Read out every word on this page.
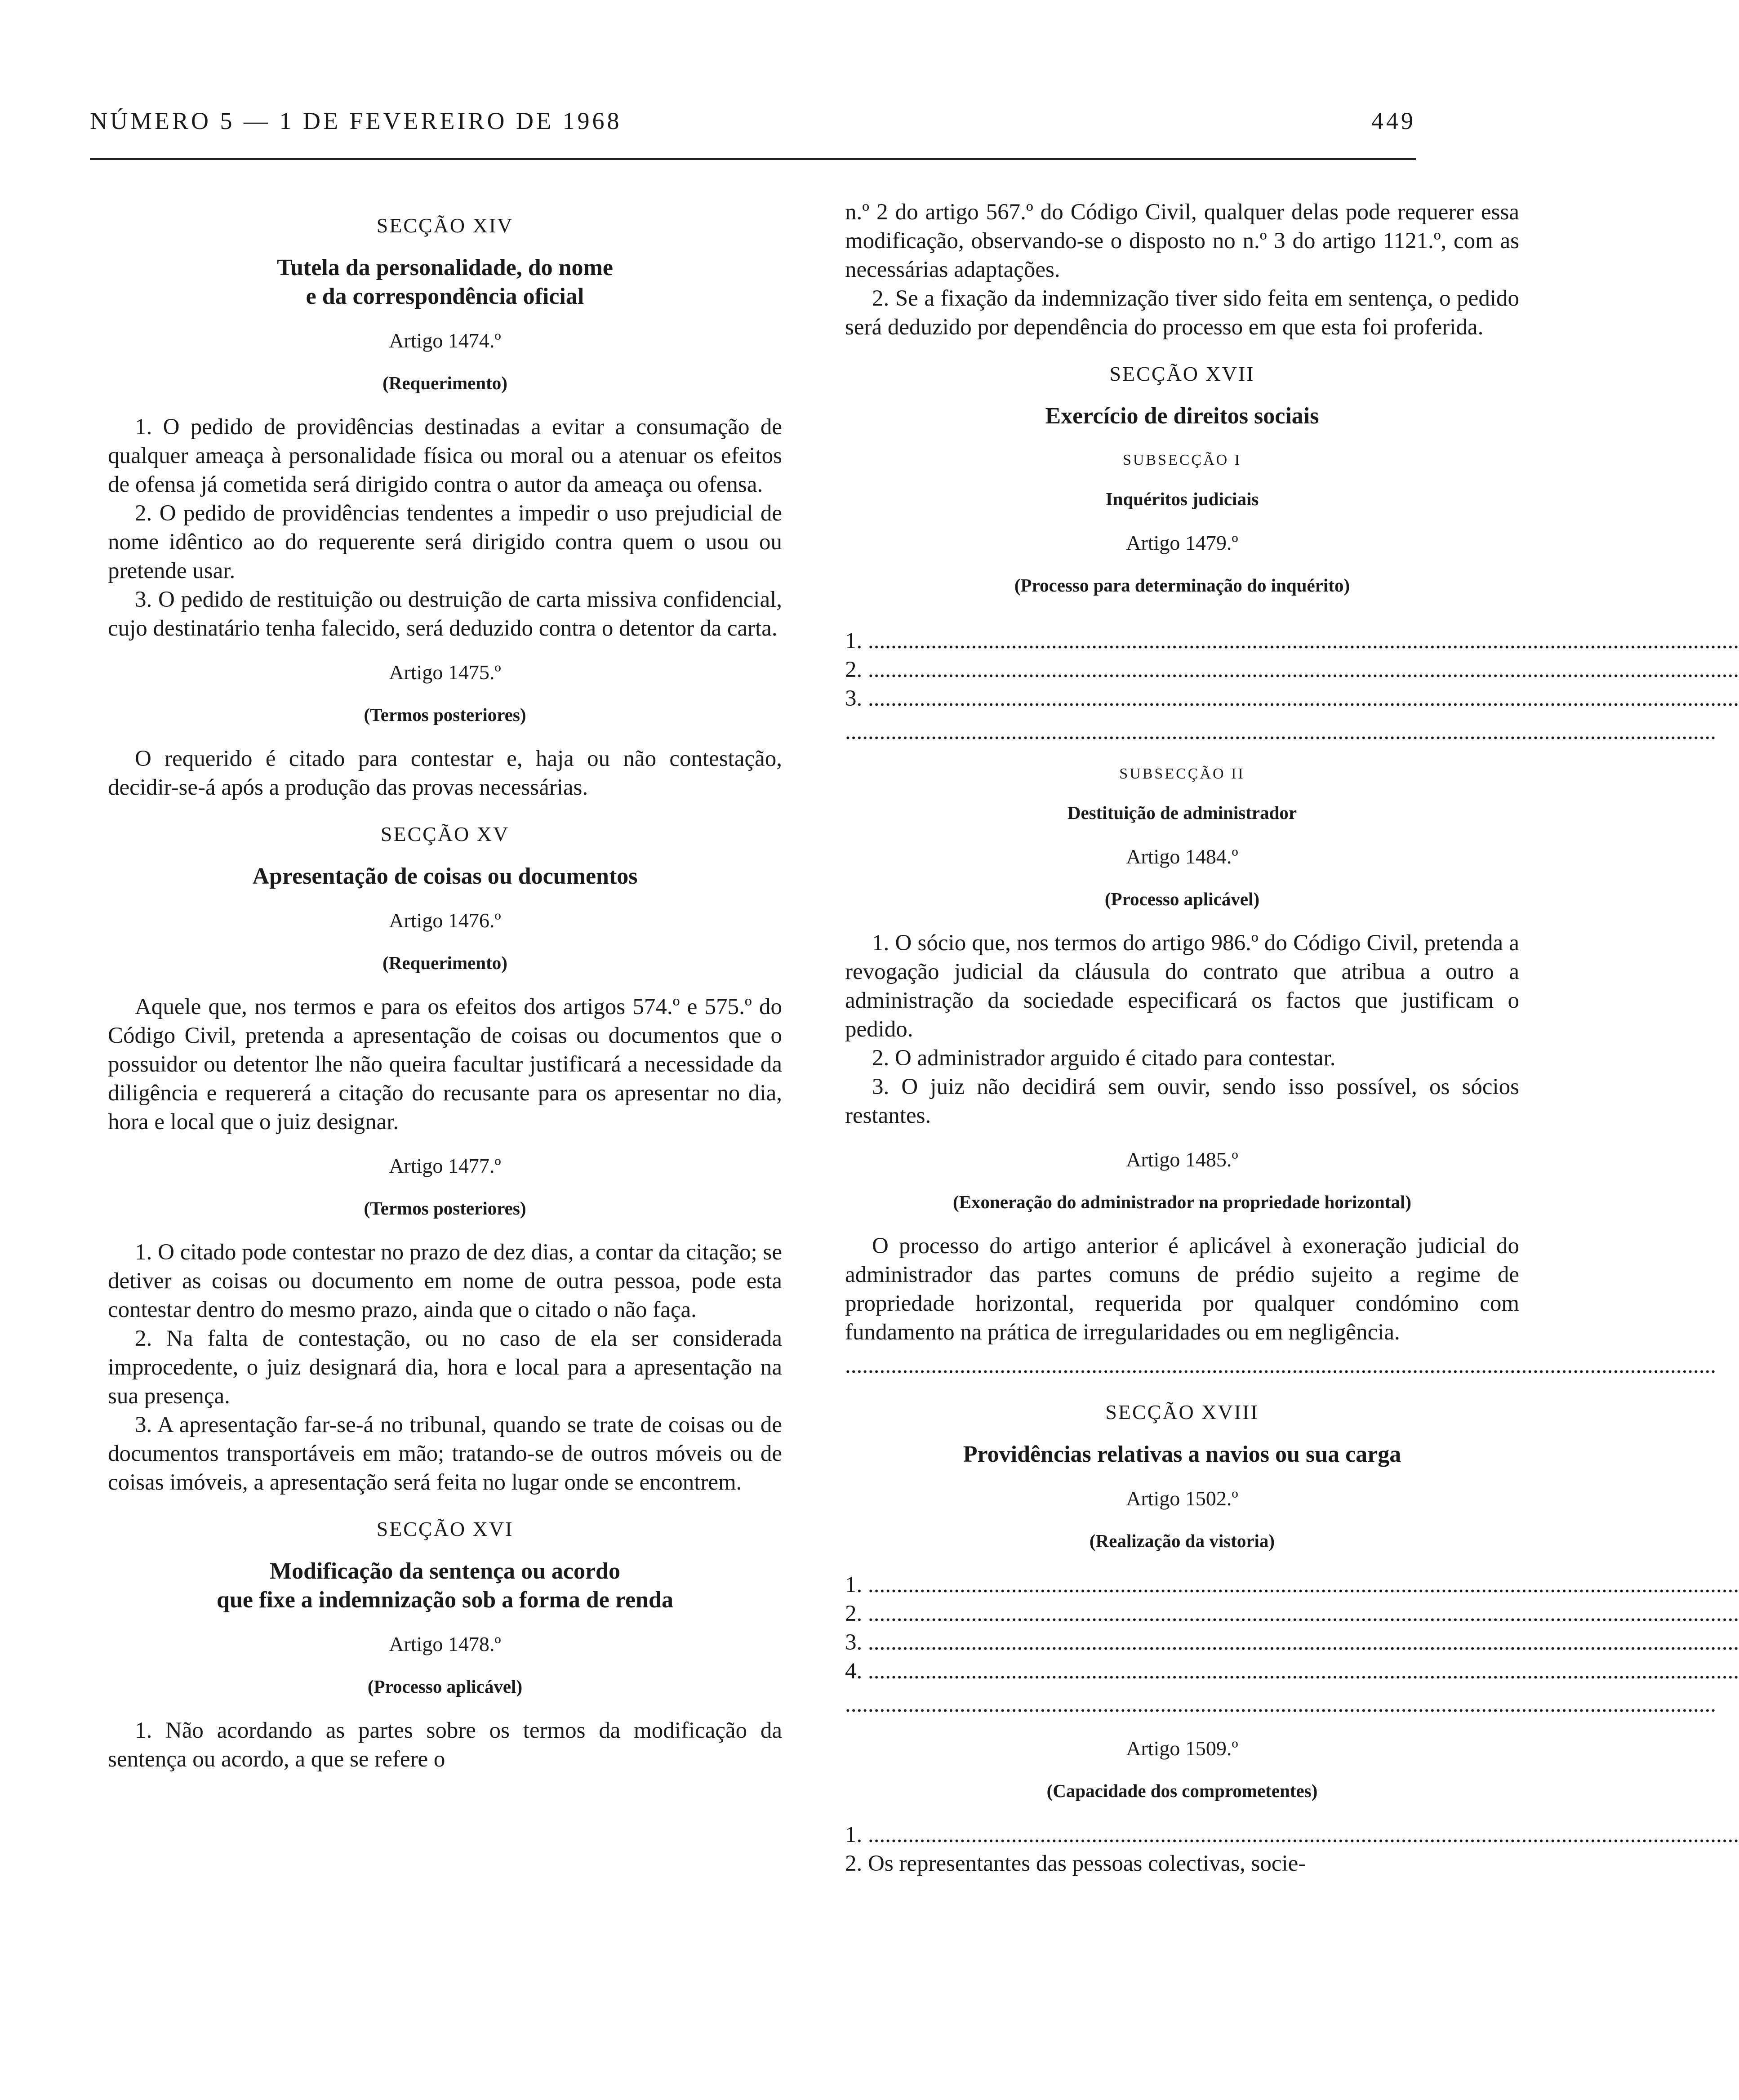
NÚMERO 5 — 1 DE FEVEREIRO DE 1968	449
SECÇÃO XIV
Tutela da personalidade, do nome
e da correspondência oficial
Artigo 1474.º
(Requerimento)

1. O pedido de providências destinadas a evitar a consumação de qualquer ameaça à personalidade física ou moral ou a atenuar os efeitos de ofensa já cometida será dirigido contra o autor da ameaça ou ofensa.

2. O pedido de providências tendentes a impedir o uso prejudicial de nome idêntico ao do requerente será dirigido contra quem o usou ou pretende usar.

3. O pedido de restituição ou destruição de carta missiva confidencial, cujo destinatário tenha falecido, será deduzido contra o detentor da carta.

Artigo 1475.º
(Termos posteriores)

O requerido é citado para contestar e, haja ou não contestação, decidir-se-á após a produção das provas necessárias.

SECÇÃO XV
Apresentação de coisas ou documentos
Artigo 1476.º
(Requerimento)

Aquele que, nos termos e para os efeitos dos artigos 574.º e 575.º do Código Civil, pretenda a apresentação de coisas ou documentos que o possuidor ou detentor lhe não queira facultar justificará a necessidade da diligência e requererá a citação do recusante para os apresentar no dia, hora e local que o juiz designar.

Artigo 1477.º
(Termos posteriores)

1. O citado pode contestar no prazo de dez dias, a contar da citação; se detiver as coisas ou documento em nome de outra pessoa, pode esta contestar dentro do mesmo prazo, ainda que o citado o não faça.

2. Na falta de contestação, ou no caso de ela ser considerada improcedente, o juiz designará dia, hora e local para a apresentação na sua presença.

3. A apresentação far-se-á no tribunal, quando se trate de coisas ou de documentos transportáveis em mão; tratando-se de outros móveis ou de coisas imóveis, a apresentação será feita no lugar onde se encontrem.

SECÇÃO XVI
Modificação da sentença ou acordo
que fixe a indemnização sob a forma de renda
Artigo 1478.º
(Processo aplicável)

1. Não acordando as partes sobre os termos da modificação da sentença ou acordo, a que se refere o

n.º 2 do artigo 567.º do Código Civil, qualquer delas pode requerer essa modificação, observando-se o disposto no n.º 3 do artigo 1121.º, com as necessárias adaptações.

2. Se a fixação da indemnização tiver sido feita em sentença, o pedido será deduzido por dependência do processo em que esta foi proferida.

SECÇÃO XVII
Exercício de direitos sociais
SUBSECÇÃO I
Inquéritos judiciais
Artigo 1479.º
(Processo para determinação do inquérito)
1. ........................................................................................................................................................
2. ........................................................................................................................................................
3. ........................................................................................................................................................
........................................................................................................................................................
SUBSECÇÃO II
Destituição de administrador
Artigo 1484.º
(Processo aplicável)

1. O sócio que, nos termos do artigo 986.º do Código Civil, pretenda a revogação judicial da cláusula do contrato que atribua a outro a administração da sociedade especificará os factos que justificam o pedido.

2. O administrador arguido é citado para contestar.

3. O juiz não decidirá sem ouvir, sendo isso possível, os sócios restantes.

Artigo 1485.º
(Exoneração do administrador na propriedade horizontal)

O processo do artigo anterior é aplicável à exoneração judicial do administrador das partes comuns de prédio sujeito a regime de propriedade horizontal, requerida por qualquer condómino com fundamento na prática de irregularidades ou em negligência.

........................................................................................................................................................
SECÇÃO XVIII
Providências relativas a navios ou sua carga
Artigo 1502.º
(Realização da vistoria)
1. ........................................................................................................................................................
2. ........................................................................................................................................................
3. ........................................................................................................................................................
4. ........................................................................................................................................................
........................................................................................................................................................
Artigo 1509.º
(Capacidade dos comprometentes)
1. ........................................................................................................................................................

2. Os representantes das pessoas colectivas, socie-
